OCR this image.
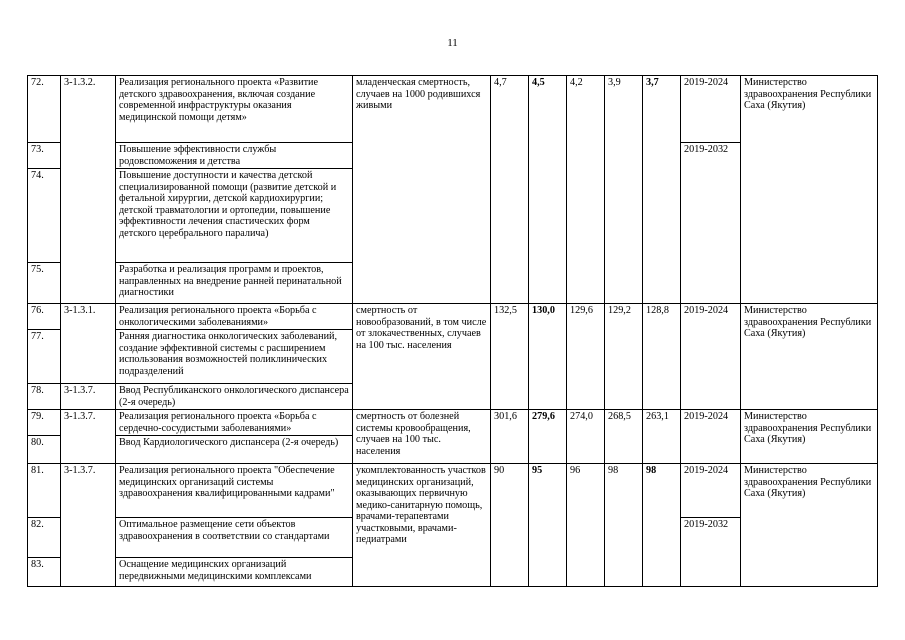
11
72.	3-1.3.2.	Реализация регионального проекта «Развитие детского здравоохранения, включая создание современной инфраструктуры оказания медицинской помощи детям»	младенческая смертность, случаев на 1000 родившихся живыми	4,7	4,5	4,2	3,9	3,7	2019-2024	Министерство здравоохранения Республики Саха (Якутия)
73.		Повышение эффективности службы родовспоможения и детства							2019-2032	
74.		Повышение доступности и качества детской специализированной помощи (развитие детской и фетальной хирургии, детской кардиохирургии; детской травматологии и ортопедии, повышение эффективности лечения спастических форм детского церебрального паралича)								
75.		Разработка и реализация программ и проектов, направленных на внедрение ранней перинатальной диагностики								
76.	3-1.3.1.	Реализация регионального проекта «Борьба с онкологическими заболеваниями»	смертность от новообразований, в том числе от злокачественных, случаев на 100 тыс. населения	132,5	130,0	129,6	129,2	128,8	2019-2024	Министерство здравоохранения Республики Саха (Якутия)
77.		Ранняя диагностика онкологических заболеваний, создание эффективной системы с расширением использования возможностей поликлинических подразделений								
78.	3-1.3.7.	Ввод Республиканского онкологического диспансера (2-я очередь)								
79.	3-1.3.7.	Реализация регионального проекта «Борьба с сердечно-сосудистыми заболеваниями»	смертность от болезней системы кровообращения, случаев на 100 тыс. населения	301,6	279,6	274,0	268,5	263,1	2019-2024	Министерство здравоохранения Республики Саха (Якутия)
80.		Ввод Кардиологического диспансера (2-я очередь)								
81.	3-1.3.7.	Реализация регионального проекта "Обеспечение медицинских организаций системы здравоохранения квалифицированными кадрами"	укомплектованность участков медицинских организаций, оказывающих первичную медико-санитарную помощь, врачами-терапевтами участковыми, врачами-педиатрами	90	95	96	98	98	2019-2024	Министерство здравоохранения Республики Саха (Якутия)
82.		Оптимальное размещение сети объектов здравоохранения в соответствии со стандартами							2019-2032	
83.		Оснащение медицинских организаций передвижными медицинскими комплексами								
